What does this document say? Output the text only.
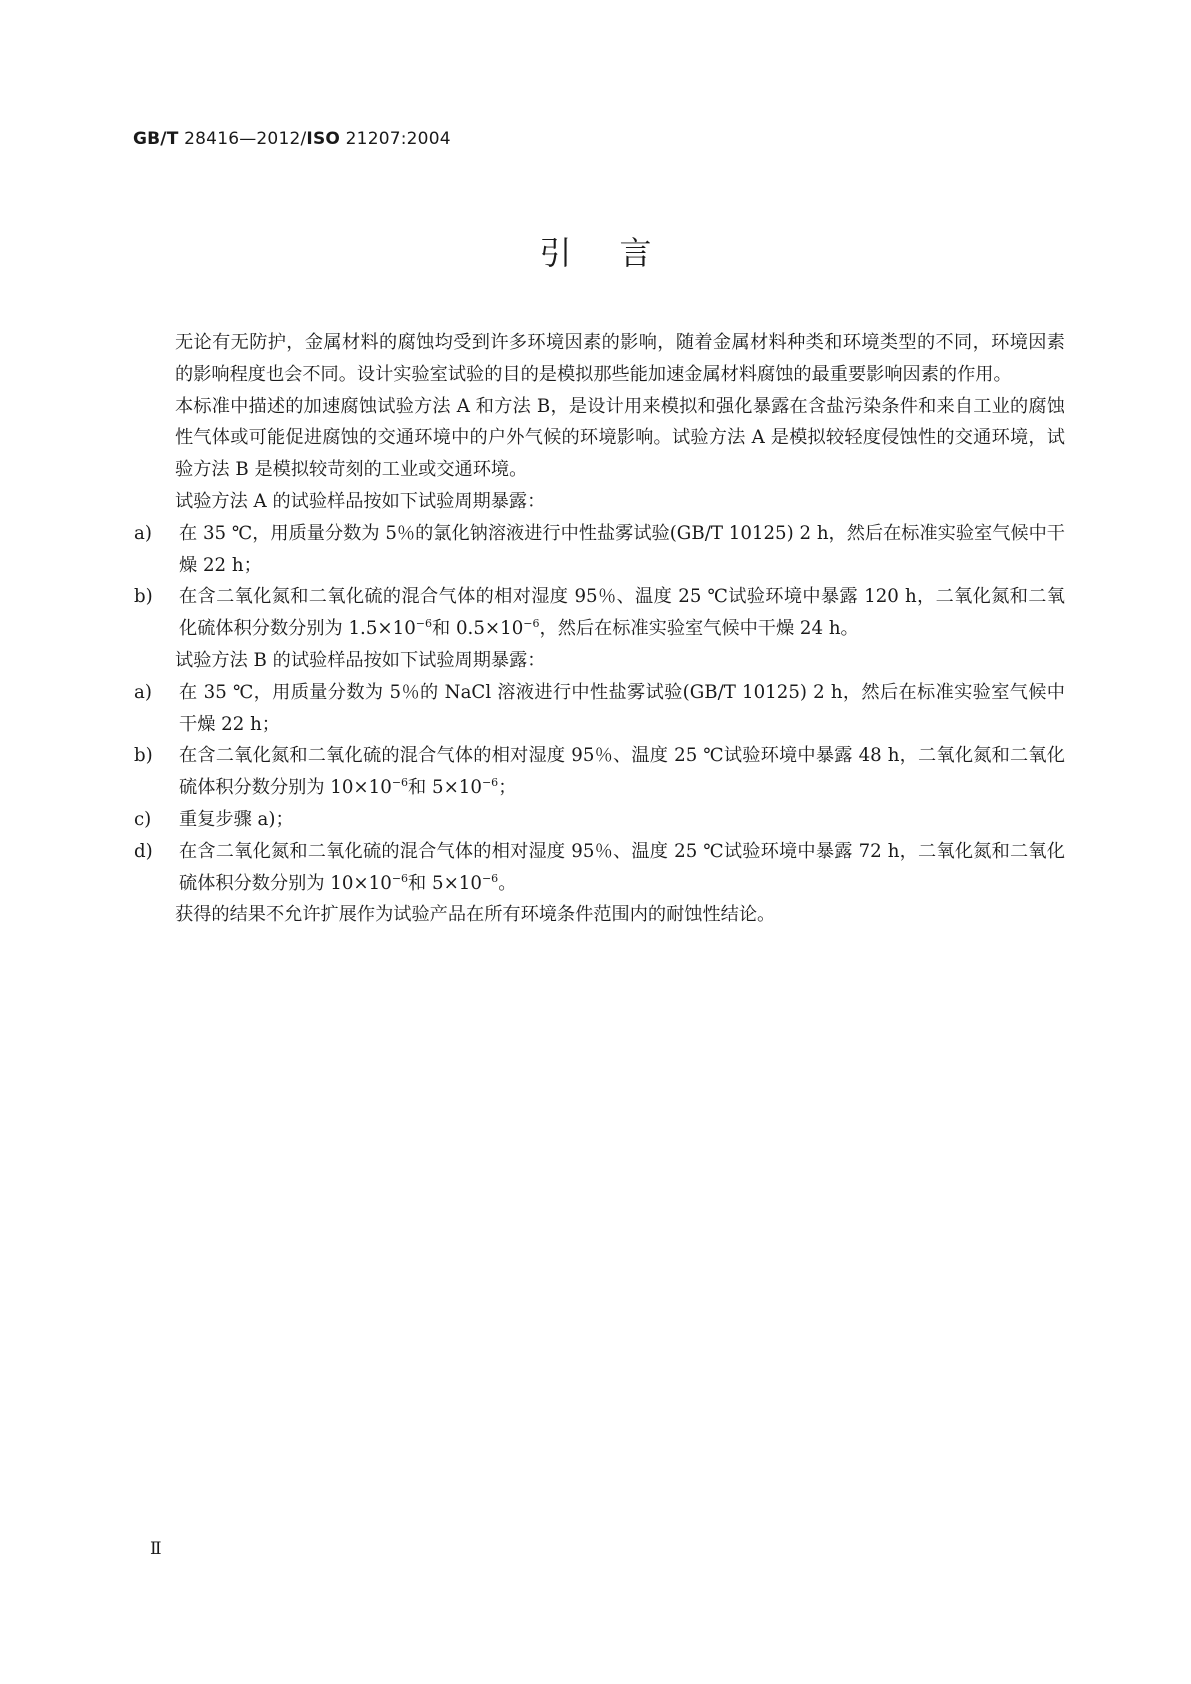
GB/T 28416—2012/ISO 21207:2004
引言

无论有无防护，金属材料的腐蚀均受到许多环境因素的影响，随着金属材料种类和环境类型的不同，环境因素的影响程度也会不同。设计实验室试验的目的是模拟那些能加速金属材料腐蚀的最重要影响因素的作用。

本标准中描述的加速腐蚀试验方法 A 和方法 B，是设计用来模拟和强化暴露在含盐污染条件和来自工业的腐蚀性气体或可能促进腐蚀的交通环境中的户外气候的环境影响。试验方法 A 是模拟较轻度侵蚀性的交通环境，试验方法 B 是模拟较苛刻的工业或交通环境。

试验方法 A 的试验样品按如下试验周期暴露：

a)	在 35 ℃，用质量分数为 5％的氯化钠溶液进行中性盐雾试验(GB/T 10125) 2 h，然后在标准实验室气候中干燥 22 h；
b)	在含二氧化氮和二氧化硫的混合气体的相对湿度 95％、温度 25 ℃试验环境中暴露 120 h，二氧化氮和二氧化硫体积分数分别为 $1.5\times 10^{-6}$和 $0.5\times 10^{-6}$，然后在标准实验室气候中干燥 24 h。

试验方法 B 的试验样品按如下试验周期暴露：

a)	在 35 ℃，用质量分数为 5％的 NaCl 溶液进行中性盐雾试验(GB/T 10125) 2 h，然后在标准实验室气候中干燥 22 h；
b)	在含二氧化氮和二氧化硫的混合气体的相对湿度 95％、温度 25 ℃试验环境中暴露 48 h，二氧化氮和二氧化硫体积分数分别为 $10\times 10^{-6}$和 $5\times 10^{-6}$；
c)	重复步骤 a)；
d)	在含二氧化氮和二氧化硫的混合气体的相对湿度 95％、温度 25 ℃试验环境中暴露 72 h，二氧化氮和二氧化硫体积分数分别为 $10\times 10^{-6}$和 $5\times 10^{-6}$。

获得的结果不允许扩展作为试验产品在所有环境条件范围内的耐蚀性结论。

Ⅱ
